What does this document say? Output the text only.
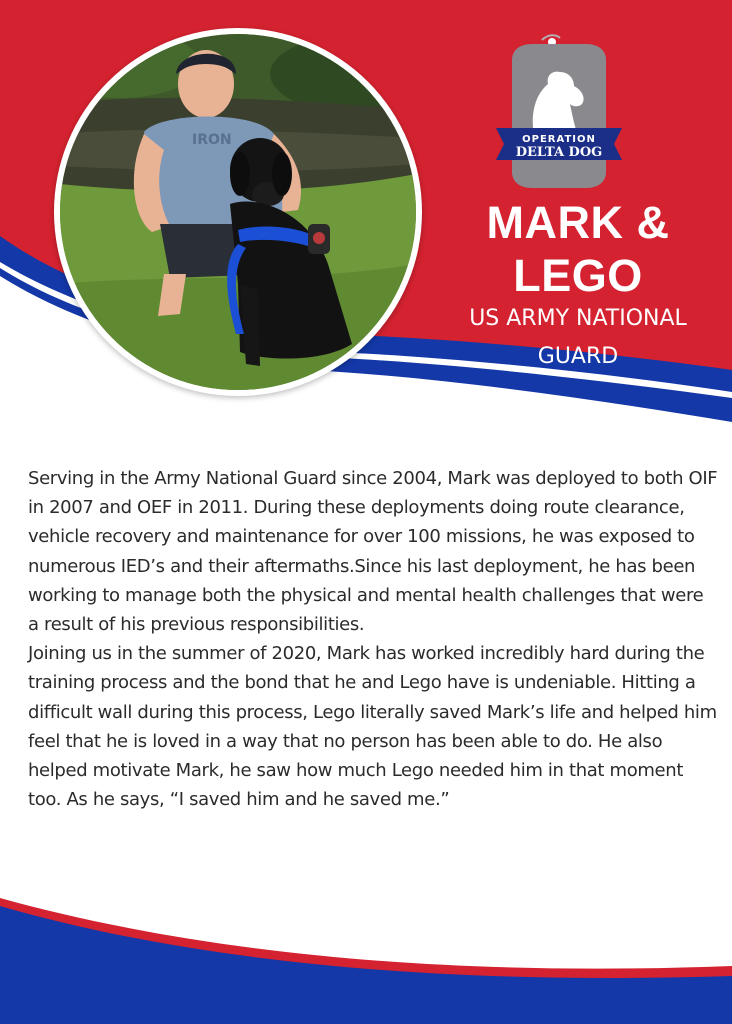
IRON	OPERATION
DELTA DOG
MARK &
LEGO
US ARMY NATIONAL
GUARD

Serving in the Army National Guard since 2004, Mark was deployed to both OIF in 2007 and OEF in 2011. During these deployments doing route clearance, vehicle recovery and maintenance for over 100 missions, he was exposed to numerous IED’s and their aftermaths.Since his last deployment, he has been working to manage both the physical and mental health challenges that were a result of his previous responsibilities.

Joining us in the summer of 2020, Mark has worked incredibly hard during the training process and the bond that he and Lego have is undeniable. Hitting a difficult wall during this process, Lego literally saved Mark’s life and helped him feel that he is loved in a way that no person has been able to do. He also helped motivate Mark, he saw how much Lego needed him in that moment too. As he says, “I saved him and he saved me.”
